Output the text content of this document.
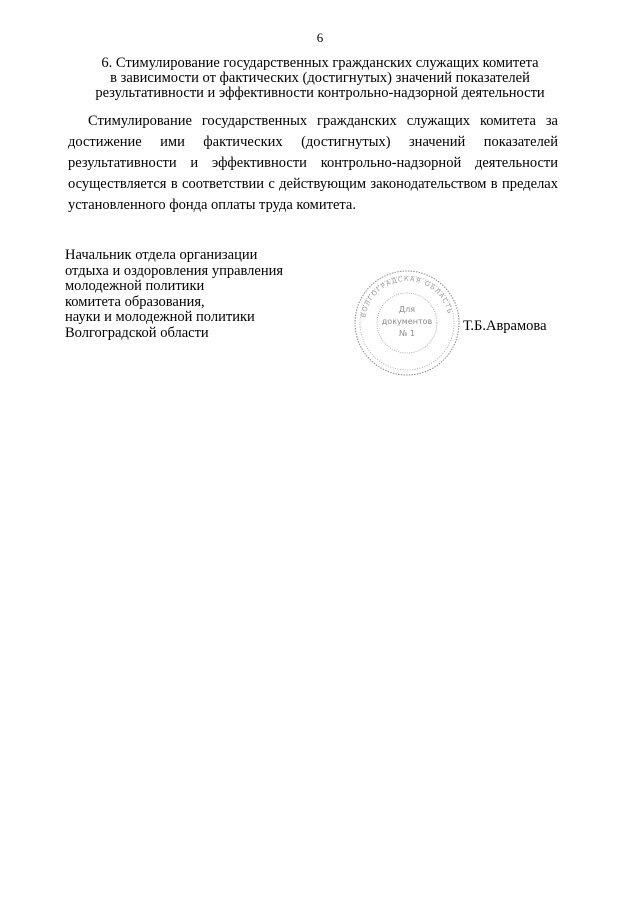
6
6. Стимулирование государственных гражданских служащих комитета
в зависимости от фактических (достигнутых) значений показателей
результативности и эффективности контрольно-надзорной деятельности

Стимулирование государственных гражданских служащих комитета за достижение ими фактических (достигнутых) значений показателей результативности и эффективности контрольно-надзорной деятельности осуществляется в соответствии с действующим законодательством в пределах установленного фонда оплаты труда комитета.

Начальник отдела организации
отдыха и оздоровления управления
молодежной политики
комитета образования,
науки и молодежной политики
Волгоградской области
ВОЛГОГРАДСКАЯ ОБЛАСТЬ
Для
документов
№ 1	Т.Б.Аврамова
